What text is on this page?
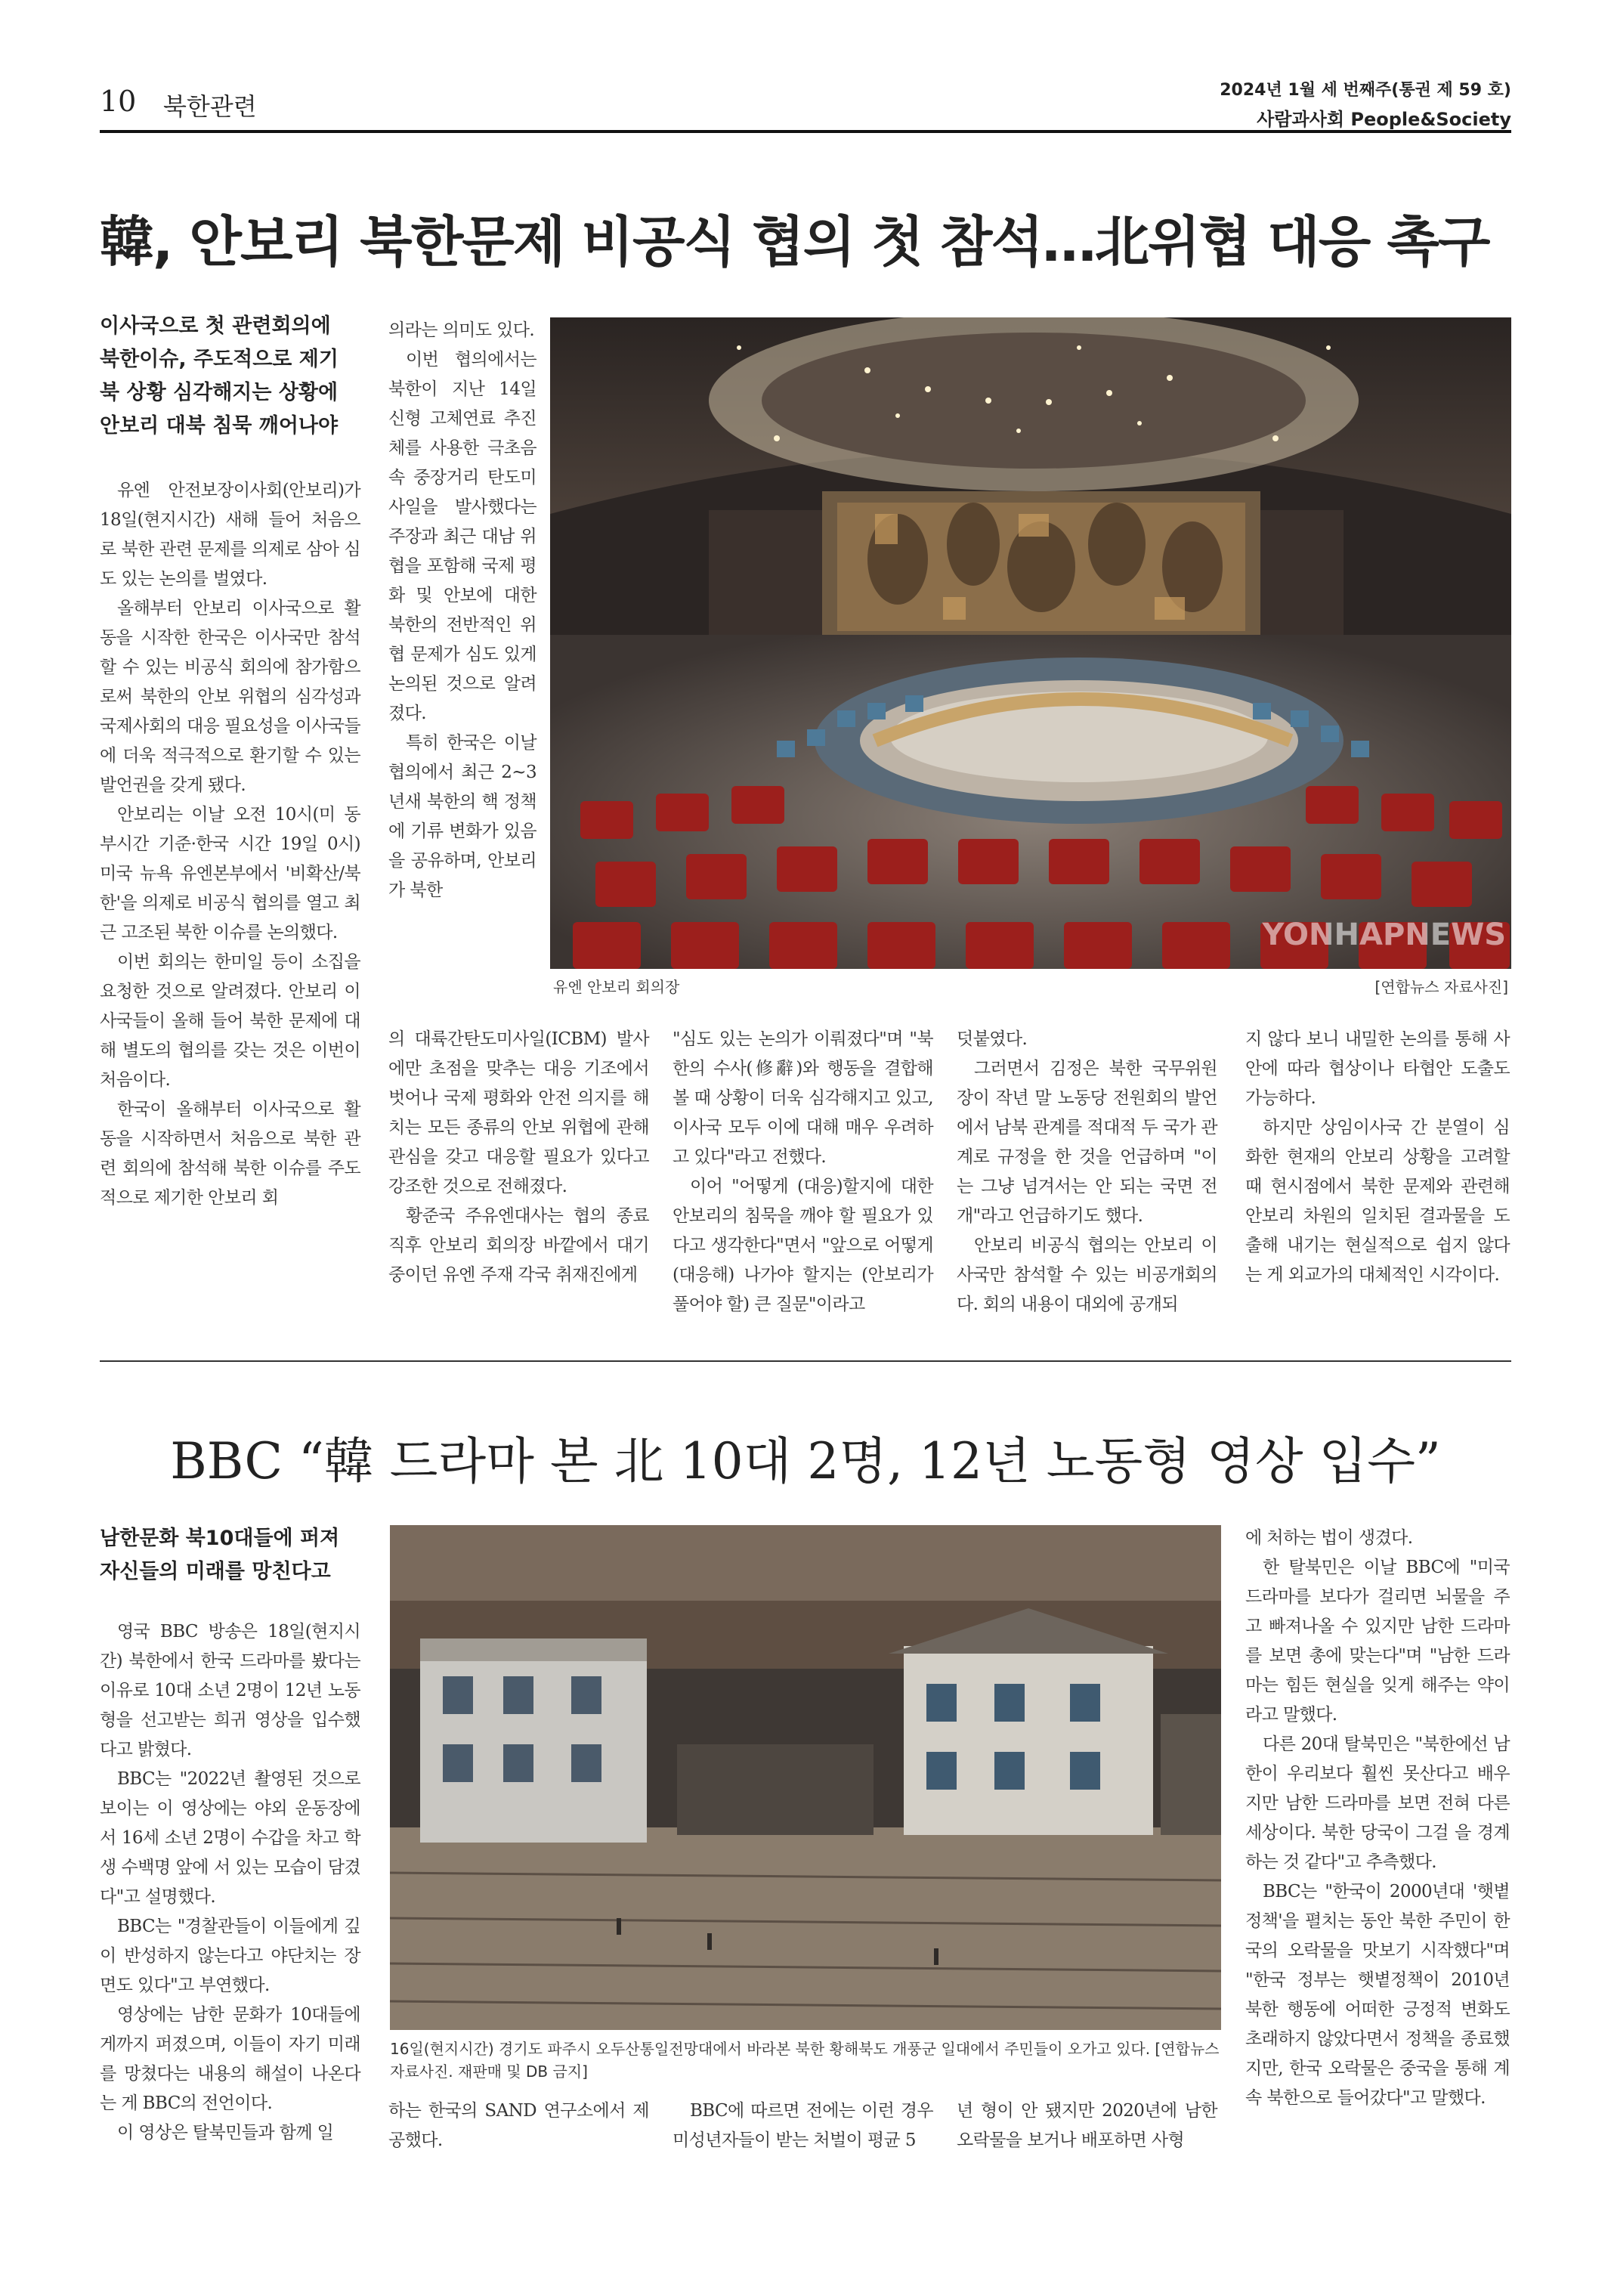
10 북한관련
2024년 1월 세 번째주(통권 제 59 호)
사람과사회 People&Society
韓, 안보리 북한문제 비공식 협의 첫 참석…北위협 대응 촉구
이사국으로 첫 관련회의에
북한이슈, 주도적으로 제기
북 상황 심각해지는 상황에
안보리 대북 침묵 깨어나야

유엔 안전보장이사회(안보리)가 18일(현지시간) 새해 들어 처음으로 북한 관련 문제를 의제로 삼아 심도 있는 논의를 벌였다.

올해부터 안보리 이사국으로 활동을 시작한 한국은 이사국만 참석할 수 있는 비공식 회의에 참가함으로써 북한의 안보 위협의 심각성과 국제사회의 대응 필요성을 이사국들에 더욱 적극적으로 환기할 수 있는 발언권을 갖게 됐다.

안보리는 이날 오전 10시(미 동부시간 기준·한국 시간 19일 0시) 미국 뉴욕 유엔본부에서 '비확산/북한'을 의제로 비공식 협의를 열고 최근 고조된 북한 이슈를 논의했다.

이번 회의는 한미일 등이 소집을 요청한 것으로 알려졌다. 안보리 이사국들이 올해 들어 북한 문제에 대해 별도의 협의를 갖는 것은 이번이 처음이다.

한국이 올해부터 이사국으로 활동을 시작하면서 처음으로 북한 관련 회의에 참석해 북한 이슈를 주도적으로 제기한 안보리 회

의라는 의미도 있다.

이번 협의에서는 북한이 지난 14일 신형 고체연료 추진체를 사용한 극초음속 중장거리 탄도미사일을 발사했다는 주장과 최근 대남 위협을 포함해 국제 평화 및 안보에 대한 북한의 전반적인 위협 문제가 심도 있게 논의된 것으로 알려졌다.

특히 한국은 이날 협의에서 최근 2~3년새 북한의 핵 정책에 기류 변화가 있음을 공유하며, 안보리가 북한

YONHAPNEWS
유엔 안보리 회의장	[연합뉴스 자료사진]

의 대륙간탄도미사일(ICBM) 발사에만 초점을 맞추는 대응 기조에서 벗어나 국제 평화와 안전 의지를 해치는 모든 종류의 안보 위협에 관해 관심을 갖고 대응할 필요가 있다고 강조한 것으로 전해졌다.

황준국 주유엔대사는 협의 종료 직후 안보리 회의장 바깥에서 대기 중이던 유엔 주재 각국 취재진에게

"심도 있는 논의가 이뤄졌다"며 "북한의 수사(修辭)와 행동을 결합해 볼 때 상황이 더욱 심각해지고 있고, 이사국 모두 이에 대해 매우 우려하고 있다"라고 전했다.

이어 "어떻게 (대응)할지에 대한 안보리의 침묵을 깨야 할 필요가 있다고 생각한다"면서 "앞으로 어떻게 (대응해) 나가야 할지는 (안보리가 풀어야 할) 큰 질문"이라고

덧붙였다.

그러면서 김정은 북한 국무위원장이 작년 말 노동당 전원회의 발언에서 남북 관계를 적대적 두 국가 관계로 규정을 한 것을 언급하며 "이는 그냥 넘겨서는 안 되는 국면 전개"라고 언급하기도 했다.

안보리 비공식 협의는 안보리 이사국만 참석할 수 있는 비공개회의다. 회의 내용이 대외에 공개되

지 않다 보니 내밀한 논의를 통해 사안에 따라 협상이나 타협안 도출도 가능하다.

하지만 상임이사국 간 분열이 심화한 현재의 안보리 상황을 고려할 때 현시점에서 북한 문제와 관련해 안보리 차원의 일치된 결과물을 도출해 내기는 현실적으로 쉽지 않다는 게 외교가의 대체적인 시각이다.

BBC “韓 드라마 본 北 10대 2명, 12년 노동형 영상 입수”
남한문화 북10대들에 퍼져
자신들의 미래를 망친다고

영국 BBC 방송은 18일(현지시간) 북한에서 한국 드라마를 봤다는 이유로 10대 소년 2명이 12년 노동형을 선고받는 희귀 영상을 입수했다고 밝혔다.

BBC는 "2022년 촬영된 것으로 보이는 이 영상에는 야외 운동장에서 16세 소년 2명이 수갑을 차고 학생 수백명 앞에 서 있는 모습이 담겼다"고 설명했다.

BBC는 "경찰관들이 이들에게 깊이 반성하지 않는다고 야단치는 장면도 있다"고 부연했다.

영상에는 남한 문화가 10대들에게까지 퍼졌으며, 이들이 자기 미래를 망쳤다는 내용의 해설이 나온다는 게 BBC의 전언이다.

이 영상은 탈북민들과 함께 일

16일(현지시간) 경기도 파주시 오두산통일전망대에서 바라본 북한 황해북도 개풍군 일대에서 주민들이 오가고 있다. [연합뉴스 자료사진. 재판매 및 DB 금지]

하는 한국의 SAND 연구소에서 제공했다.

BBC에 따르면 전에는 이런 경우 미성년자들이 받는 처벌이 평균 5

년 형이 안 됐지만 2020년에 남한 오락물을 보거나 배포하면 사형

에 처하는 법이 생겼다.

한 탈북민은 이날 BBC에 "미국 드라마를 보다가 걸리면 뇌물을 주고 빠져나올 수 있지만 남한 드라마를 보면 총에 맞는다"며 "남한 드라마는 힘든 현실을 잊게 해주는 약이라고 말했다.

다른 20대 탈북민은 "북한에선 남한이 우리보다 훨씬 못산다고 배우지만 남한 드라마를 보면 전혀 다른 세상이다. 북한 당국이 그걸 을 경계하는 것 같다"고 추측했다.

BBC는 "한국이 2000년대 '햇볕정책'을 펼치는 동안 북한 주민이 한국의 오락물을 맛보기 시작했다"며 "한국 정부는 햇볕정책이 2010년 북한 행동에 어떠한 긍정적 변화도 초래하지 않았다면서 정책을 종료했지만, 한국 오락물은 중국을 통해 계속 북한으로 들어갔다"고 말했다.
